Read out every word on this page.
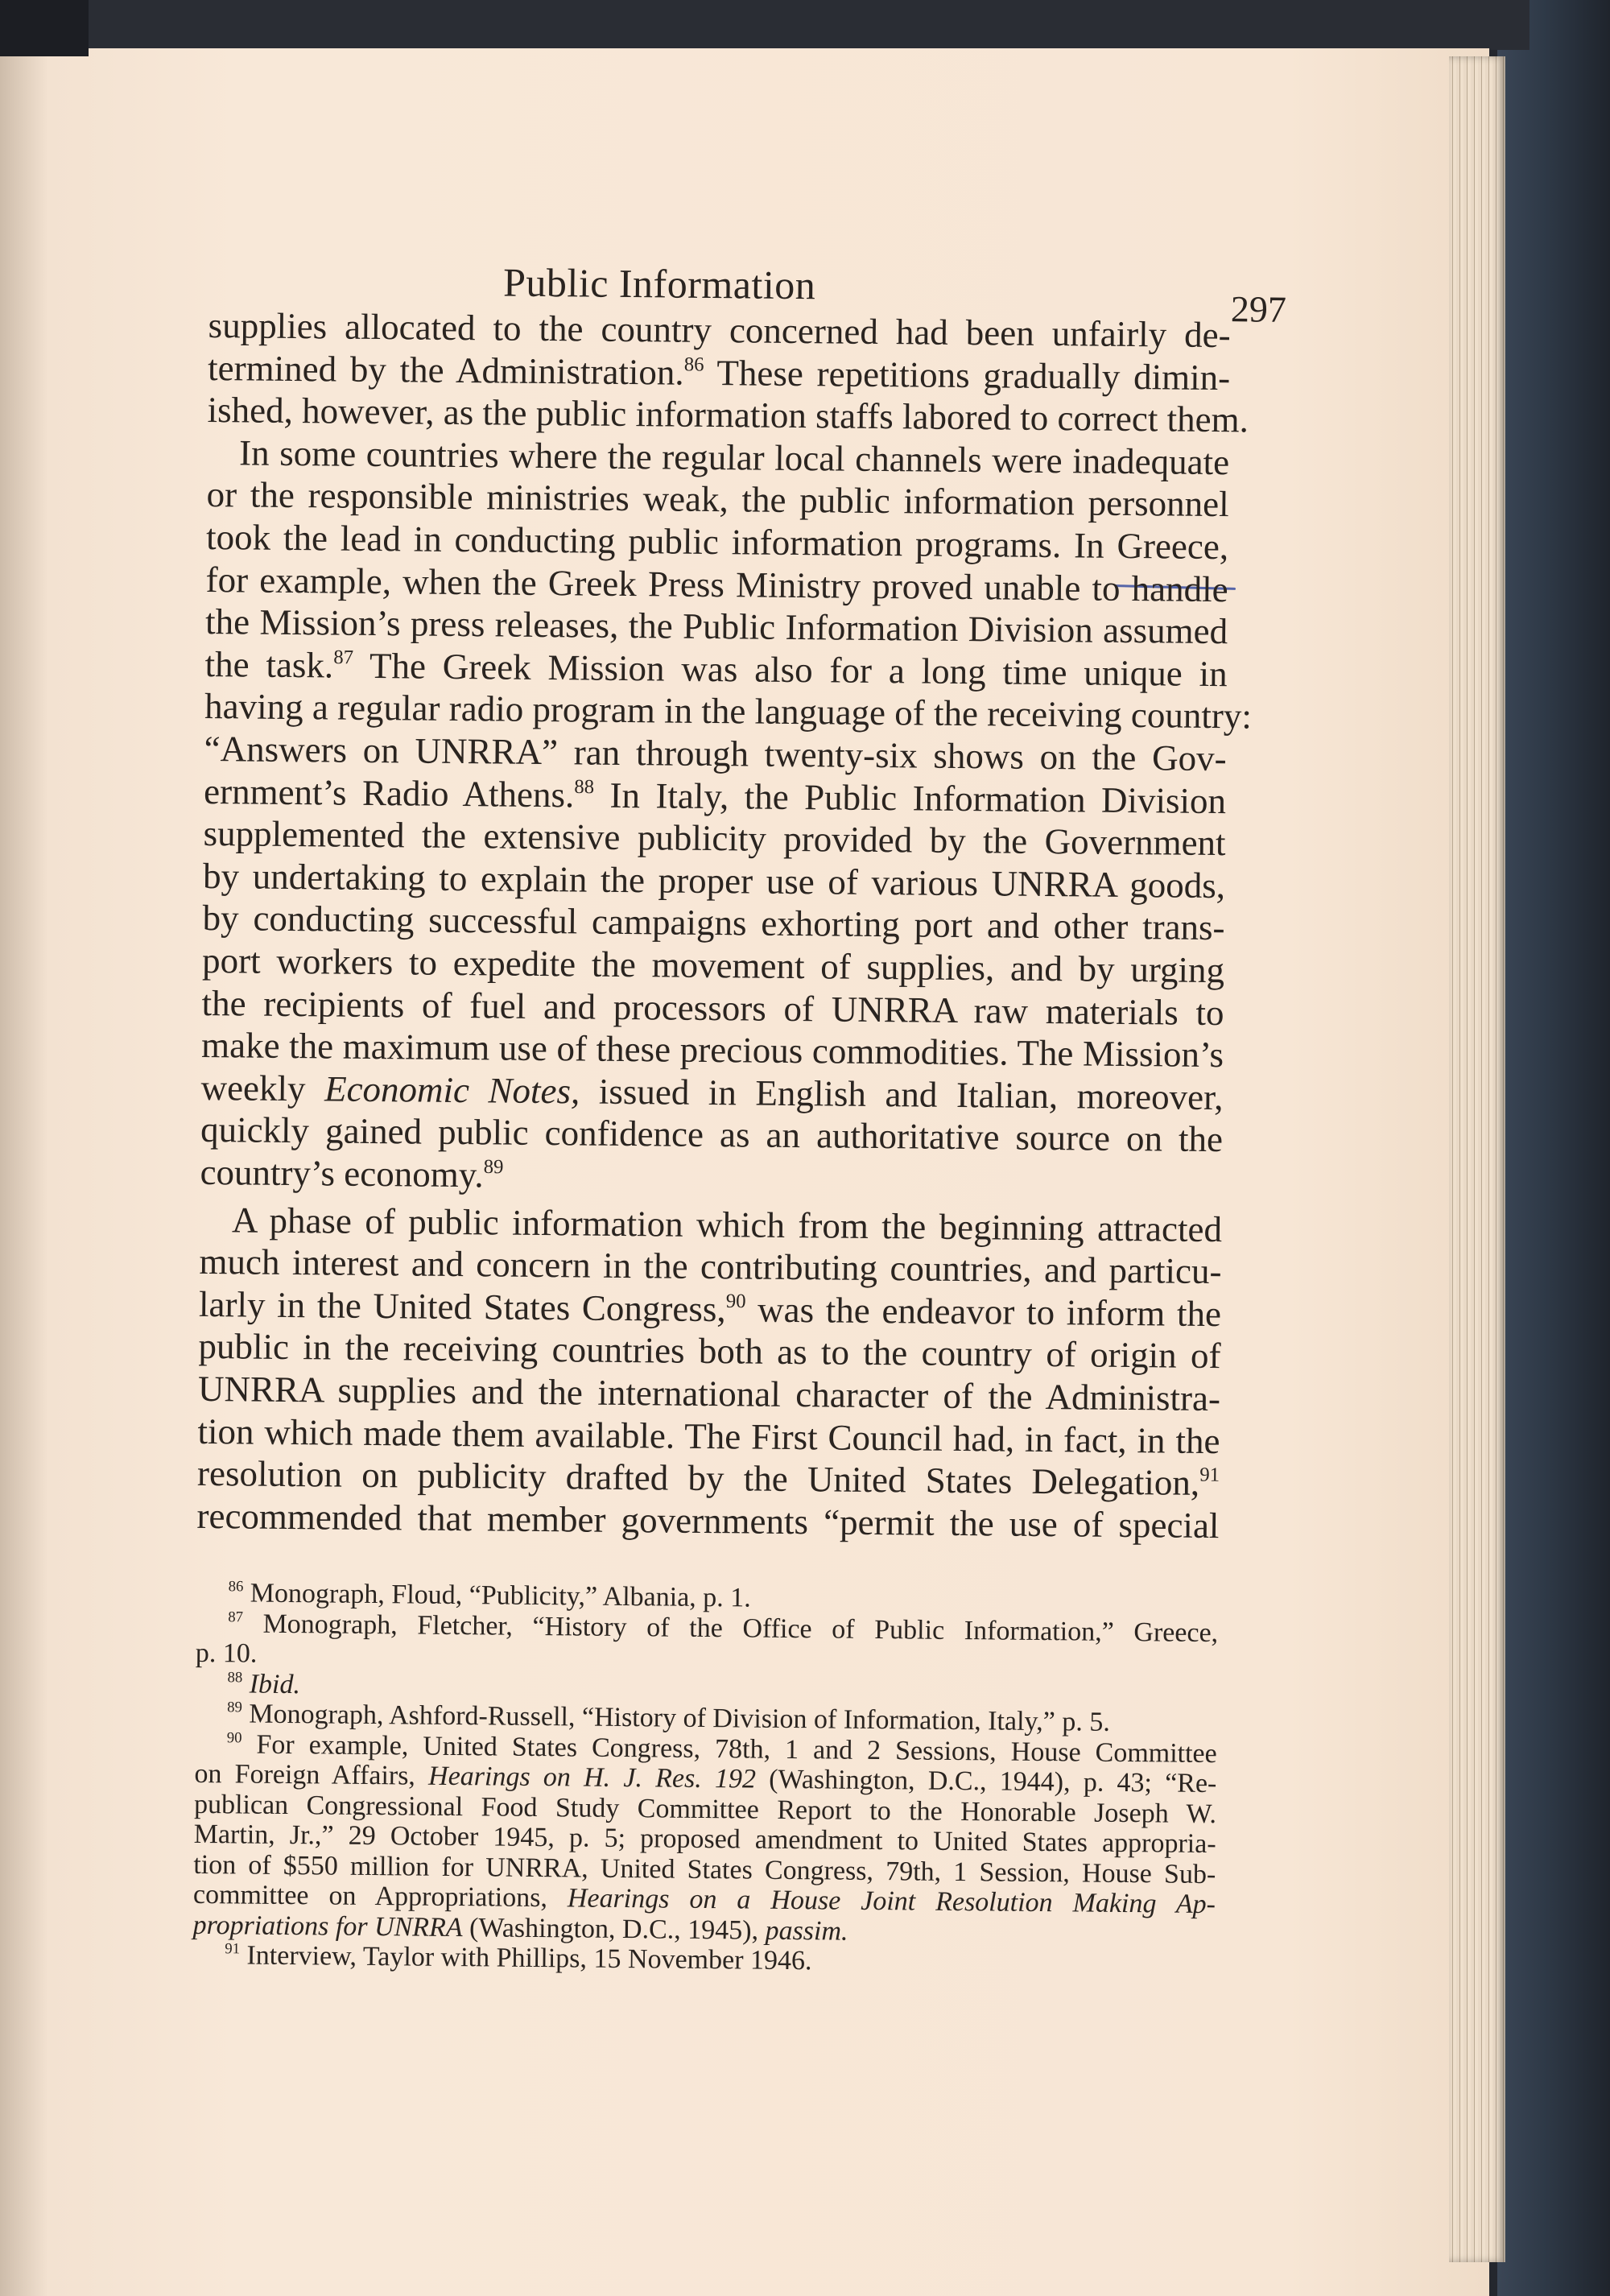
Public Information
297
supplies allocated to the country concerned had been unfairly de-
termined by the Administration.$^{86}$ These repetitions gradually dimin-
ished, however, as the public information staffs labored to correct them.
In some countries where the regular local channels were inadequate
or the responsible ministries weak, the public information personnel
took the lead in conducting public information programs. In Greece,
for example, when the Greek Press Ministry proved unable to handle
the Mission’s press releases, the Public Information Division assumed
the task.$^{87}$ The Greek Mission was also for a long time unique in
having a regular radio program in the language of the receiving country:
“Answers on UNRRA” ran through twenty-six shows on the Gov-
ernment’s Radio Athens.$^{88}$ In Italy, the Public Information Division
supplemented the extensive publicity provided by the Government
by undertaking to explain the proper use of various UNRRA goods,
by conducting successful campaigns exhorting port and other trans-
port workers to expedite the movement of supplies, and by urging
the recipients of fuel and processors of UNRRA raw materials to
make the maximum use of these precious commodities. The Mission’s
weekly Economic Notes, issued in English and Italian, moreover,
quickly gained public confidence as an authoritative source on the
country’s economy.$^{89}$
A phase of public information which from the beginning attracted
much interest and concern in the contributing countries, and particu-
larly in the United States Congress,$^{90}$ was the endeavor to inform the
public in the receiving countries both as to the country of origin of
UNRRA supplies and the international character of the Administra-
tion which made them available. The First Council had, in fact, in the
resolution on publicity drafted by the United States Delegation,$^{91}$
recommended that member governments “permit the use of special
$^{86}$ Monograph, Floud, “Publicity,” Albania, p. 1.
$^{87}$ Monograph, Fletcher, “History of the Office of Public Information,” Greece,
p. 10.
$^{88}$ Ibid.
$^{89}$ Monograph, Ashford-Russell, “History of Division of Information, Italy,” p. 5.
$^{90}$ For example, United States Congress, 78th, 1 and 2 Sessions, House Committee
on Foreign Affairs, Hearings on H. J. Res. 192 (Washington, D.C., 1944), p. 43; “Re-
publican Congressional Food Study Committee Report to the Honorable Joseph W.
Martin, Jr.,” 29 October 1945, p. 5; proposed amendment to United States appropria-
tion of $550 million for UNRRA, United States Congress, 79th, 1 Session, House Sub-
committee on Appropriations, Hearings on a House Joint Resolution Making Ap-
propriations for UNRRA (Washington, D.C., 1945), passim.
$^{91}$ Interview, Taylor with Phillips, 15 November 1946.
